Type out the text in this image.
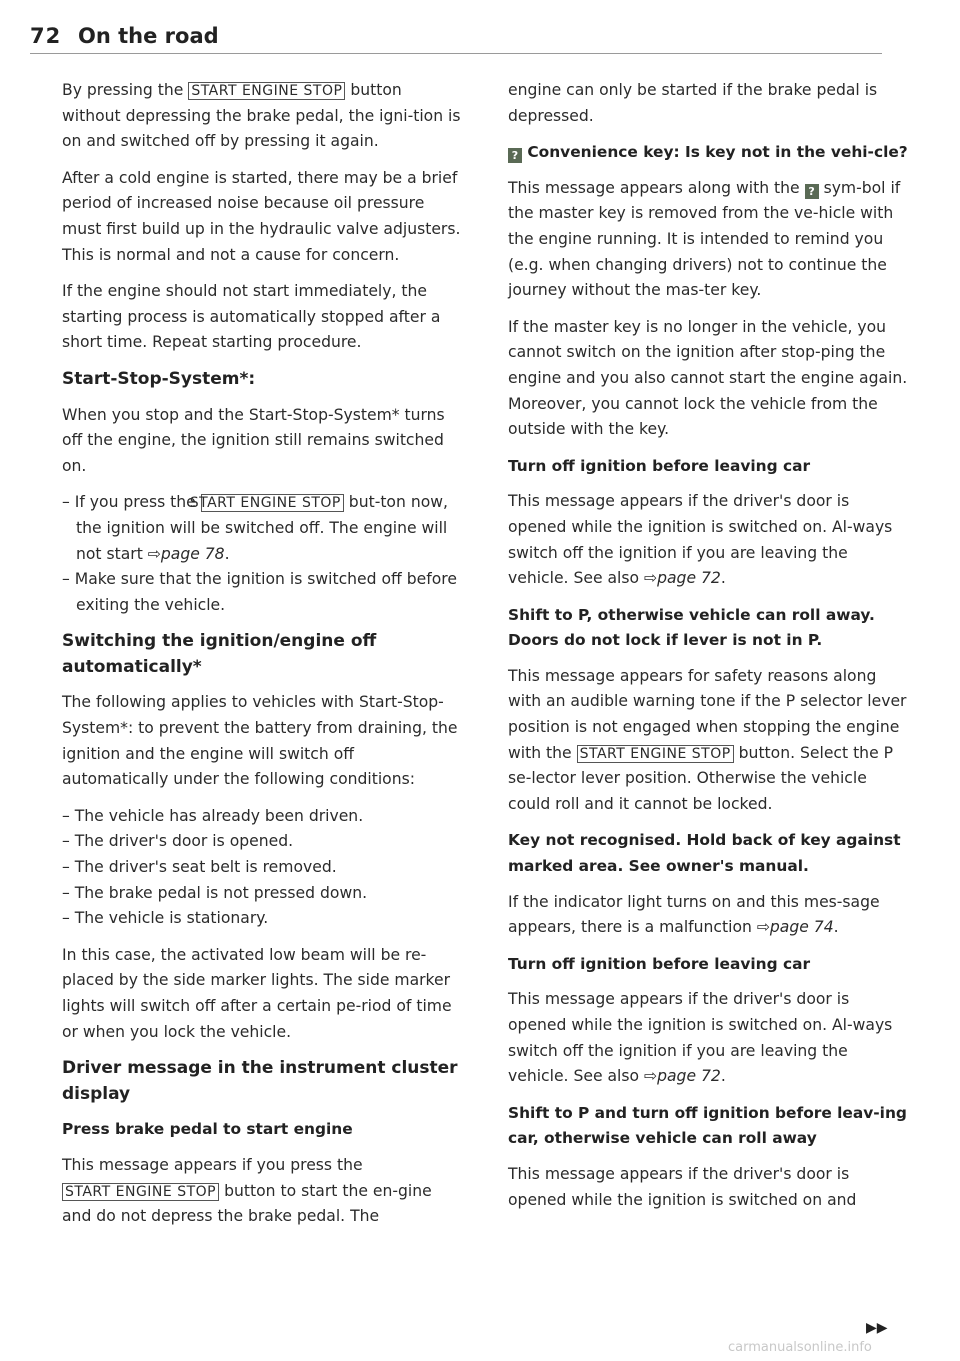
72 On the road

By pressing the START ENGINE STOP button without depressing the brake pedal, the igni-tion is on and switched off by pressing it again.

After a cold engine is started, there may be a brief period of increased noise because oil pressure must first build up in the hydraulic valve adjusters. This is normal and not a cause for concern.

If the engine should not start immediately, the starting process is automatically stopped after a short time. Repeat starting procedure.

Start-Stop-System*:

When you stop and the Start-Stop-System* turns off the engine, the ignition still remains switched on.

– If you press the START ENGINE STOP but-ton now, the ignition will be switched off. The engine will not start ⇨page 78.

– Make sure that the ignition is switched off before exiting the vehicle.

Switching the ignition/engine off automatically*

The following applies to vehicles with Start-Stop-System*: to prevent the battery from draining, the ignition and the engine will switch off automatically under the following conditions:

– The vehicle has already been driven.

– The driver's door is opened.

– The driver's seat belt is removed.

– The brake pedal is not pressed down.

– The vehicle is stationary.

In this case, the activated low beam will be re-placed by the side marker lights. The side marker lights will switch off after a certain pe-riod of time or when you lock the vehicle.

Driver message in the instrument cluster display
Press brake pedal to start engine

This message appears if you press the START ENGINE STOP button to start the en-gine and do not depress the brake pedal. The

engine can only be started if the brake pedal is depressed.

? Convenience key: Is key not in the vehi-cle?

This message appears along with the ? sym-bol if the master key is removed from the ve-hicle with the engine running. It is intended to remind you (e.g. when changing drivers) not to continue the journey without the mas-ter key.

If the master key is no longer in the vehicle, you cannot switch on the ignition after stop-ping the engine and you also cannot start the engine again. Moreover, you cannot lock the vehicle from the outside with the key.

Turn off ignition before leaving car

This message appears if the driver's door is opened while the ignition is switched on. Al-ways switch off the ignition if you are leaving the vehicle. See also ⇨page 72.

Shift to P, otherwise vehicle can roll away. Doors do not lock if lever is not in P.

This message appears for safety reasons along with an audible warning tone if the P selector lever position is not engaged when stopping the engine with the START ENGINE STOP button. Select the P se-lector lever position. Otherwise the vehicle could roll and it cannot be locked.

Key not recognised. Hold back of key against marked area. See owner's manual.

If the indicator light turns on and this mes-sage appears, there is a malfunction ⇨page 74.

Turn off ignition before leaving car

This message appears if the driver's door is opened while the ignition is switched on. Al-ways switch off the ignition if you are leaving the vehicle. See also ⇨page 72.

Shift to P and turn off ignition before leav-ing car, otherwise vehicle can roll away

This message appears if the driver's door is opened while the ignition is switched on and

▶▶
carmanualsonline.info
